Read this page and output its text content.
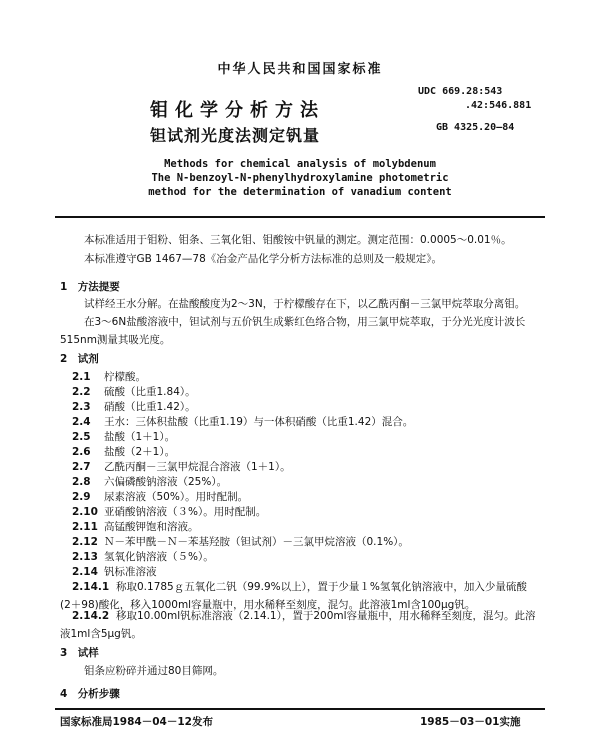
中华人民共和国国家标准
钼化学分析方法
钽试剂光度法测定钒量
UDC 669.28:543
.42:546.881
GB 4325.20—84
Methods for chemical analysis of molybdenum
The N-benzoyl-N-phenylhydroxylamine photometric
method for the determination of vanadium content
本标准适用于钼粉、钼条、三氧化钼、钼酸铵中钒量的测定。测定范围：0.0005～0.01％。
本标准遵守GB 1467—78《冶金产品化学分析方法标准的总则及一般规定》。
1　方法提要
试样经王水分解。在盐酸酸度为2～3N，于柠檬酸存在下，以乙酰丙酮－三氯甲烷萃取分离钼。
在3～6N盐酸溶液中，钽试剂与五价钒生成紫红色络合物，用三氯甲烷萃取，于分光光度计波长
515nm测量其吸光度。
2　试剂
2.1 柠檬酸。
2.2 硫酸（比重1.84）。
2.3 硝酸（比重1.42）。
2.4 王水：三体积盐酸（比重1.19）与一体积硝酸（比重1.42）混合。
2.5 盐酸（1＋1）。
2.6 盐酸（2＋1）。
2.7 乙酰丙酮－三氯甲烷混合溶液（1＋1）。
2.8 六偏磷酸钠溶液（25%）。
2.9 尿素溶液（50%）。用时配制。
2.10 亚硝酸钠溶液（３%）。用时配制。
2.11 高锰酸钾饱和溶液。
2.12 Ｎ－苯甲酰－Ｎ－苯基羟胺（钽试剂）－三氯甲烷溶液（0.1%）。
2.13 氢氧化钠溶液（５%）。
2.14 钒标准溶液
2.14.1 称取0.1785ｇ五氧化二钒（99.9%以上），置于少量１%氢氧化钠溶液中，加入少量硫酸
(2＋98)酸化，移入1000ml容量瓶中，用水稀释至刻度，混匀。此溶液1ml含100μg钒。
2.14.2 移取10.00ml钒标准溶液（2.14.1），置于200ml容量瓶中，用水稀释至刻度，混匀。此溶
液1ml含5μg钒。
3　试样
钼条应粉碎并通过80目筛网。
4　分析步骤
国家标准局1984－04－12发布	1985－03－01实施
